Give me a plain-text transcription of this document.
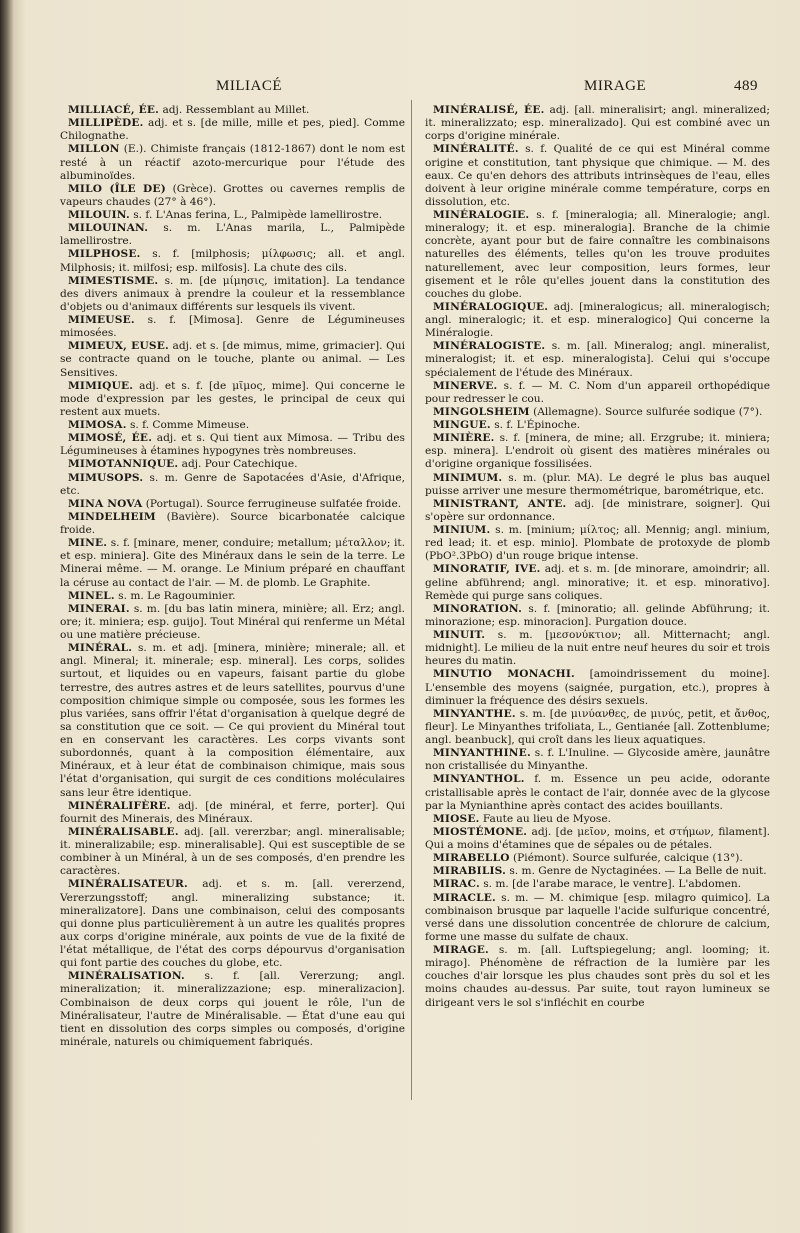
MILIACÉ	MIRAGE	489

MILLIACÉ, ÉE. adj. Ressemblant au Millet.

MILLIPÈDE. adj. et s. [de mille, mille et pes, pied]. Comme Chilognathe.

MILLON (E.). Chimiste français (1812-1867) dont le nom est resté à un réactif azoto-mercurique pour l'étude des albuminoïdes.

MILO (ÎLE DE) (Grèce). Grottes ou cavernes remplis de vapeurs chaudes (27° à 46°).

MILOUIN. s. f. L'Anas ferina, L., Palmipède lamellirostre.

MILOUINAN. s. m. L'Anas marila, L., Palmipède lamellirostre.

MILPHOSE. s. f. [milphosis; μίλφωσις; all. et angl. Milphosis; it. milfosi; esp. milfosis]. La chute des cils.

MIMESTISME. s. m. [de μίμησις, imitation]. La tendance des divers animaux à prendre la couleur et la ressemblance d'objets ou d'animaux différents sur lesquels ils vivent.

MIMEUSE. s. f. [Mimosa]. Genre de Légumineuses mimosées.

MIMEUX, EUSE. adj. et s. [de mimus, mime, grimacier]. Qui se contracte quand on le touche, plante ou animal. — Les Sensitives.

MIMIQUE. adj. et s. f. [de μῖμος, mime]. Qui concerne le mode d'expression par les gestes, le principal de ceux qui restent aux muets.

MIMOSA. s. f. Comme Mimeuse.

MIMOSÉ, ÉE. adj. et s. Qui tient aux Mimosa. — Tribu des Légumineuses à étamines hypogynes très nombreuses.

MIMOTANNIQUE. adj. Pour Catechique.

MIMUSOPS. s. m. Genre de Sapotacées d'Asie, d'Afrique, etc.

MINA NOVA (Portugal). Source ferrugineuse sulfatée froide.

MINDELHEIM (Bavière). Source bicarbonatée calcique froide.

MINE. s. f. [minare, mener, conduire; metallum; μέταλλον; it. et esp. miniera]. Gite des Minéraux dans le sein de la terre. Le Minerai même. — M. orange. Le Minium préparé en chauffant la céruse au contact de l'air. — M. de plomb. Le Graphite.

MINEL. s. m. Le Ragouminier.

MINERAI. s. m. [du bas latin minera, minière; all. Erz; angl. ore; it. miniera; esp. guijo]. Tout Minéral qui renferme un Métal ou une matière précieuse.

MINÉRAL. s. m. et adj. [minera, minière; minerale; all. et angl. Mineral; it. minerale; esp. mineral]. Les corps, solides surtout, et liquides ou en vapeurs, faisant partie du globe terrestre, des autres astres et de leurs satellites, pourvus d'une composition chimique simple ou composée, sous les formes les plus variées, sans offrir l'état d'organisation à quelque degré de sa constitution que ce soit. — Ce qui provient du Minéral tout en en conservant les caractères. Les corps vivants sont subordonnés, quant à la composition élémentaire, aux Minéraux, et à leur état de combinaison chimique, mais sous l'état d'organisation, qui surgit de ces conditions moléculaires sans leur être identique.

MINÉRALIFÈRE. adj. [de minéral, et ferre, porter]. Qui fournit des Minerais, des Minéraux.

MINÉRALISABLE. adj. [all. vererzbar; angl. mineralisable; it. mineralizabile; esp. mineralisable]. Qui est susceptible de se combiner à un Minéral, à un de ses composés, d'en prendre les caractères.

MINÉRALISATEUR. adj. et s. m. [all. vererzend, Vererzungsstoff; angl. mineralizing substance; it. mineralizatore]. Dans une combinaison, celui des composants qui donne plus particulièrement à un autre les qualités propres aux corps d'origine minérale, aux points de vue de la fixité de l'état métallique, de l'état des corps dépourvus d'organisation qui font partie des couches du globe, etc.

MINÉRALISATION. s. f. [all. Vererzung; angl. mineralization; it. mineralizzazione; esp. mineralizacion]. Combinaison de deux corps qui jouent le rôle, l'un de Minéralisateur, l'autre de Minéralisable. — État d'une eau qui tient en dissolution des corps simples ou composés, d'origine minérale, naturels ou chimiquement fabriqués.

MINÉRALISÉ, ÉE. adj. [all. mineralisirt; angl. mineralized; it. mineralizzato; esp. mineralizado]. Qui est combiné avec un corps d'origine minérale.

MINÉRALITÉ. s. f. Qualité de ce qui est Minéral comme origine et constitution, tant physique que chimique. — M. des eaux. Ce qu'en dehors des attributs intrinsèques de l'eau, elles doivent à leur origine minérale comme température, corps en dissolution, etc.

MINÉRALOGIE. s. f. [mineralogia; all. Mineralogie; angl. mineralogy; it. et esp. mineralogia]. Branche de la chimie concrète, ayant pour but de faire connaître les combinaisons naturelles des éléments, telles qu'on les trouve produites naturellement, avec leur composition, leurs formes, leur gisement et le rôle qu'elles jouent dans la constitution des couches du globe.

MINÉRALOGIQUE. adj. [mineralogicus; all. mineralogisch; angl. mineralogic; it. et esp. mineralogico] Qui concerne la Minéralogie.

MINÉRALOGISTE. s. m. [all. Mineralog; angl. mineralist, mineralogist; it. et esp. mineralogista]. Celui qui s'occupe spécialement de l'étude des Minéraux.

MINERVE. s. f. — M. C. Nom d'un appareil orthopédique pour redresser le cou.

MINGOLSHEIM (Allemagne). Source sulfurée sodique (7°).

MINGUE. s. f. L'Épinoche.

MINIÈRE. s. f. [minera, de mine; all. Erzgrube; it. miniera; esp. minera]. L'endroit où gisent des matières minérales ou d'origine organique fossilisées.

MINIMUM. s. m. (plur. MA). Le degré le plus bas auquel puisse arriver une mesure thermométrique, barométrique, etc.

MINISTRANT, ANTE. adj. [de ministrare, soigner]. Qui s'opère sur ordonnance.

MINIUM. s. m. [minium; μίλτος; all. Mennig; angl. minium, red lead; it. et esp. minio]. Plombate de protoxyde de plomb (PbO².3PbO) d'un rouge brique intense.

MINORATIF, IVE. adj. et s. m. [de minorare, amoindrir; all. geline abführend; angl. minorative; it. et esp. minorativo]. Remède qui purge sans coliques.

MINORATION. s. f. [minoratio; all. gelinde Abführung; it. minorazione; esp. minoracion]. Purgation douce.

MINUIT. s. m. [μεσονύκτιον; all. Mitternacht; angl. midnight]. Le milieu de la nuit entre neuf heures du soir et trois heures du matin.

MINUTIO MONACHI. [amoindrissement du moine]. L'ensemble des moyens (saignée, purgation, etc.), propres à diminuer la fréquence des désirs sexuels.

MINYANTHE. s. m. [de μινύανθες, de μινύς, petit, et ἄνθος, fleur]. Le Minyanthes trifoliata, L., Gentianée [all. Zottenblume; angl. beanbuck], qui croît dans les lieux aquatiques.

MINYANTHINE. s. f. L'Inuline. — Glycoside amère, jaunâtre non cristallisée du Minyanthe.

MINYANTHOL. f. m. Essence un peu acide, odorante cristallisable après le contact de l'air, donnée avec de la glycose par la Mynianthine après contact des acides bouillants.

MIOSE. Faute au lieu de Myose.

MIOSTÉMONE. adj. [de μεῖον, moins, et στήμων, filament]. Qui a moins d'étamines que de sépales ou de pétales.

MIRABELLO (Piémont). Source sulfurée, calcique (13°).

MIRABILIS. s. m. Genre de Nyctaginées. — La Belle de nuit.

MIRAC. s. m. [de l'arabe marace, le ventre]. L'abdomen.

MIRACLE. s. m. — M. chimique [esp. milagro quimico]. La combinaison brusque par laquelle l'acide sulfurique concentré, versé dans une dissolution concentrée de chlorure de calcium, forme une masse du sulfate de chaux.

MIRAGE. s. m. [all. Luftspiegelung; angl. looming; it. mirago]. Phénomène de réfraction de la lumière par les couches d'air lorsque les plus chaudes sont près du sol et les moins chaudes au-dessus. Par suite, tout rayon lumineux se dirigeant vers le sol s'infléchit en courbe
